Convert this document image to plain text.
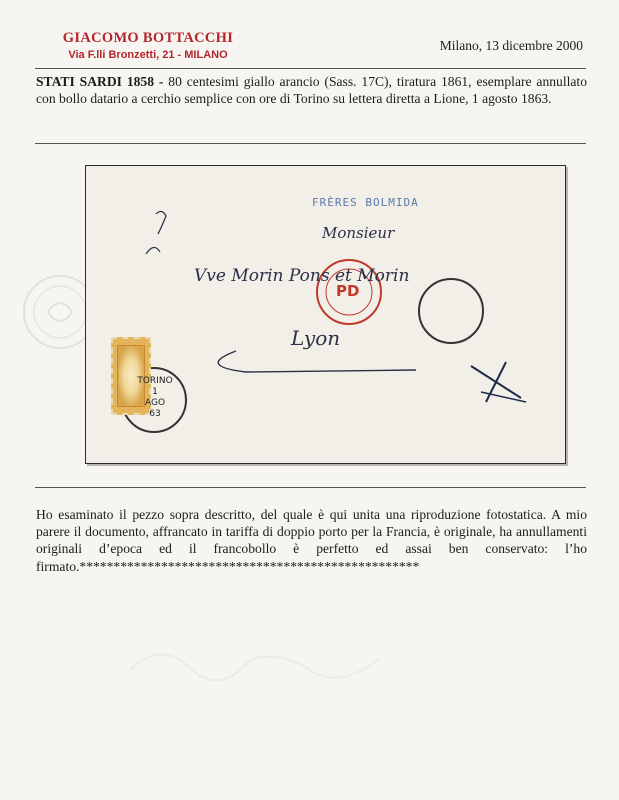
GIACOMO BOTTACCHI
Via F.lli Bronzetti, 21 - MILANO
Milano, 13 dicembre 2000
STATI SARDI 1858 - 80 centesimi giallo arancio (Sass. 17C), tiratura 1861, esemplare annullato con bollo datario a cerchio semplice con ore di Torino su lettera diretta a Lione, 1 agosto 1863.
FRÈRES BOLMIDA
Monsieur
Vve Morin Pons et Morin
Lyon
PD
TORINO
1
AGO
63
Ho esaminato il pezzo sopra descritto, del quale è qui unita una riproduzione fotostatica. A mio parere il documento, affrancato in tariffa di doppio porto per la Francia, è originale, ha annullamenti originali d’epoca ed il francobollo è perfetto ed assai ben conservato: l’ho firmato.**************************************************
